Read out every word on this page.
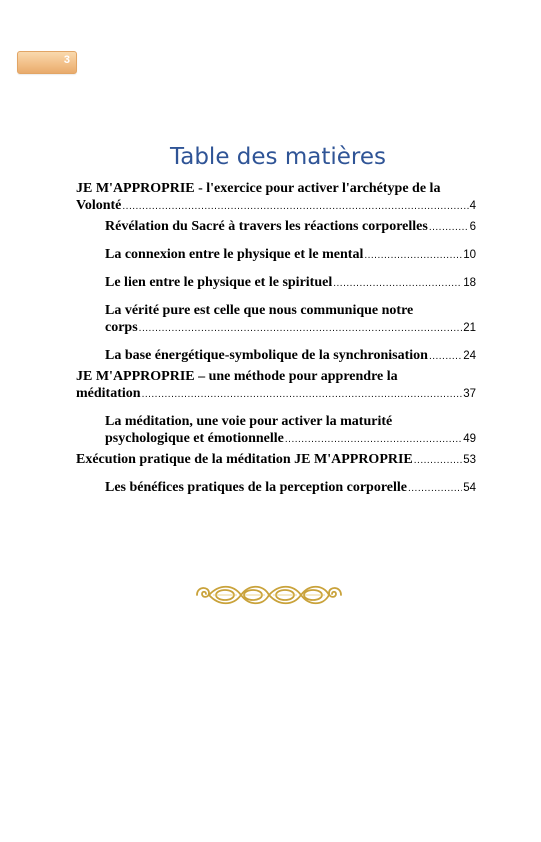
3
Table des matières
JE M'APPROPRIE - l'exercice pour activer l'archétype de la
Volonté .....	4
Révélation du Sacré à travers les réactions corporelles .....	6
La connexion entre le physique et le mental .....	10
Le lien entre le physique et le spirituel .....	18
La vérité pure est celle que nous communique notre
corps .....	21
La base énergétique-symbolique de la synchronisation .....	24
JE M'APPROPRIE – une méthode pour apprendre la
méditation .....	37
La méditation, une voie pour activer la maturité
psychologique et émotionnelle .....	49
Exécution pratique de la méditation JE M'APPROPRIE .....	53
Les bénéfices pratiques de la perception corporelle .....	54
